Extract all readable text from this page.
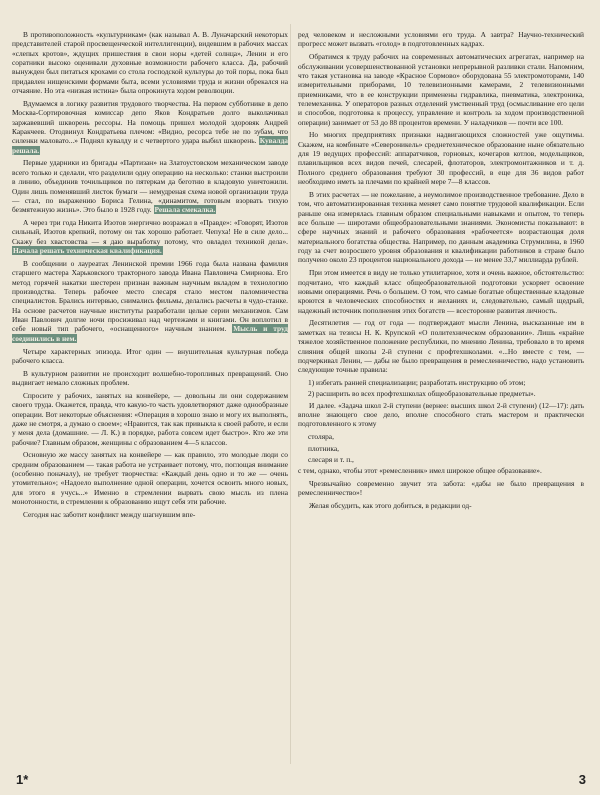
В противоположность «культурникам» (как называл А. В. Луначарский некоторых представителей старой просвещенческой интеллигенции), видевшим в рабочих массах «слепых кротов», ждущих пришествия в свои норы «детей солнца», Ленин и его соратники высоко оценивали духовные возможности рабочего класса. Да, рабочий вынужден был питаться крохами со стола господской культуры до той поры, пока был придавлен нищенскими формами быта, всеми условиями труда и жизни обрекался на отчаяние. Но эта «низкая истина» была опрокинута ходом революции.

Вдумаемся в логику развития трудового творчества. На первом субботнике в депо Москва-Сортировочная комиссар депо Яков Кондратьев долго выколачивал заржавевший шкворень рессоры. На помощь пришел молодой здоровяк Андрей Каракчеев. Отодвинул Кондратьева плечом: «Видно, ресорса тебе не по зубам, что силенки маловато...» Поднял кувалду и с четвертого удара выбил шкворень. Кувалда решала.

Первые ударники из бригады «Партизан» на Златоустовском механическом заводе всего только и сделали, что разделили одну операцию на несколько: станки выстроили в линию, объединив точильщиков по пятеркам да беготню в кладовую уничтожили. Один лишь поменявший листок бумаги — немудреная схема новой организации труда — стал, по выражению Бориса Гелина, «динамитом, готовым взорвать тихую безмятежную жизнь». Это было в 1928 году. Решала смекалка.

А через три года Никита Изотов энергично возражал в «Правде»: «Говорят, Изотов сильный, Изотов крепкий, потому он так хорошо работает. Чепуха! Не в силе дело... Скажу без хвастовства — я даю выработку потому, что овладел техникой дела». Начала решать техническая квалификация.

В сообщении о лауреатах Ленинской премии 1966 года была названа фамилия старшего мастера Харьковского тракторного завода Ивана Павловича Смирнова. Его метод горячей накатки шестерен признан важным научным вкладом в технологию производства. Теперь рабочее место слесаря стало местом паломничества специалистов. Брались интервью, снимались фильмы, делались расчеты в чудо-станке. На основе расчетов научные институты разработали целые серии механизмов. Сам Иван Павлович долгие ночи просиживал над чертежами и книгами. Он воплотил в себе новый тип рабочего, «оснащенного» научным знанием. Мысль и труд соединились в нем.

Четыре характерных эпизода. Итог один — внушительная культурная победа рабочего класса.

В культурном развитии не происходит волшебно-торопливых превращений. Оно выдвигает немало сложных проблем.

Спросите у рабочих, занятых на конвейере, — довольны ли они содержанием своего труда. Окажется, правда, что какую-то часть удовлетворяют даже однообразные операции. Вот некоторые объяснения: «Операция в хорошо знаю и могу их выполнять, даже не смотря, а думаю о своем»; «Нравится, так как привыкла к своей работе, и если у меня дела (домашние. — Л. К.) в порядке, работа совсем идет быстро». Кто же эти рабочие? Главным образом, женщины с образованием 4—5 классов.

Основную же массу занятых на конвейере — как правило, это молодые люди со средним образованием — такая работа не устраивает потому, что, поглощая внимание (особенно поначалу), не требует творчества: «Каждый день одно и то же — очень утомительно»; «Надоело выполнение одной операции, хочется освоить много новых, для этого я учусь...» Именно в стремлении вырвать свою мысль из плена монотонности, в стремлении к образованию ищут себя эти рабочие.

Сегодня нас заботит конфликт между шагнувшим впе-

ред человеком и несложными условиями его труда. А завтра? Научно-технический прогресс может вызвать «голод» в подготовленных кадрах.

Обратимся к труду рабочих на современных автоматических агрегатах, например на обслуживании усовершенствованной установки непрерывной разливки стали. Напомним, что такая установка на заводе «Красное Сормово» оборудована 55 электромоторами, 140 измерительными приборами, 10 телевизионными камерами, 2 телевизионными приемниками, что в ее конструкции применены гидравлика, пневматика, электроника, телемеханика. У операторов разных отделений умственный труд (осмысливание его цели и способов, подготовка к процессу, управление и контроль за ходом производственной операции) занимает от 53 до 88 процентов времени. У наладчиков — почти все 100.

Но многих предприятиях признаки надвигающихся сложностей уже ощутимы. Скажем, на комбинате «Североникель» среднетехническое образование ныне обязательно для 19 ведущих профессий: аппаратчиков, горновых, кочегаров котлов, модельщиков, плавильщиков всех видов печей, слесарей, флотаторов, электромонтажников и т. д. Полного среднего образования требуют 30 профессий, в еще для 36 видов работ необходимо иметь за плечами по крайней мере 7—8 классов.

В этих расчетах — не пожелание, а неумолимое производственное требование. Дело в том, что автоматизированная техника меняет само понятие трудовой квалификации. Если раньше она измерялась главным образом специальными навыками и опытом, то теперь все больше — широтами общеобразовательными знаниями. Экономисты показывают: в сфере научных знаний и рабочего образования «рабочеется» возрастающая доля материального богатства общества. Например, по данным академика Струмилина, в 1960 году за счет возросшего уровня образования и квалификации работников в стране было получено около 23 процентов национального дохода — не менее 33,7 миллиарда рублей.

При этом имеется в виду не только утилитарное, хотя и очень важное, обстоятельство: подчитано, что каждый класс общеобразовательной подготовки ускоряет освоение новыми операциями. Речь о большем. О том, что самые богатые общественные кладовые кроются в человеческих способностях и желаниях и, следовательно, самый щедрый, надежный источник пополнения этих богатств — всесторонне развитая личность.

Десятилетия — год от года — подтверждают мысли Ленина, высказанные им в заметках на тезисы Н. К. Крупской «О политехническом образовании». Лишь «крайне тяжелое хозяйственное положение республики, по мнению Ленина, требовало в то время слияния общей школы 2-й ступени с профтехшколами. «...Но вместе с тем, — подчеркивал Ленин, — дабы не было превращения в ремесленничество, надо установить следующие точные правила:

1) избегать ранней специализации; разработать инструкцию об этом;

2) расширить во всех профтехшколах общеобразовательные предметы».

И далее. «Задача школ 2-й ступени (вернее: высших школ 2-й ступени) (12—17): дать вполне знающего свое дело, вполне способного стать мастером и практически подготовленного к этому

столяра,

плотника,

слесаря и т. п.,

с тем, однако, чтобы этот «ремесленник» имел широкое общее образование».

Чрезвычайно современно звучит эта забота: «дабы не было превращения в ремесленничество»!

Желая обсудить, как этого добиться, в редакции од-

1*	3
